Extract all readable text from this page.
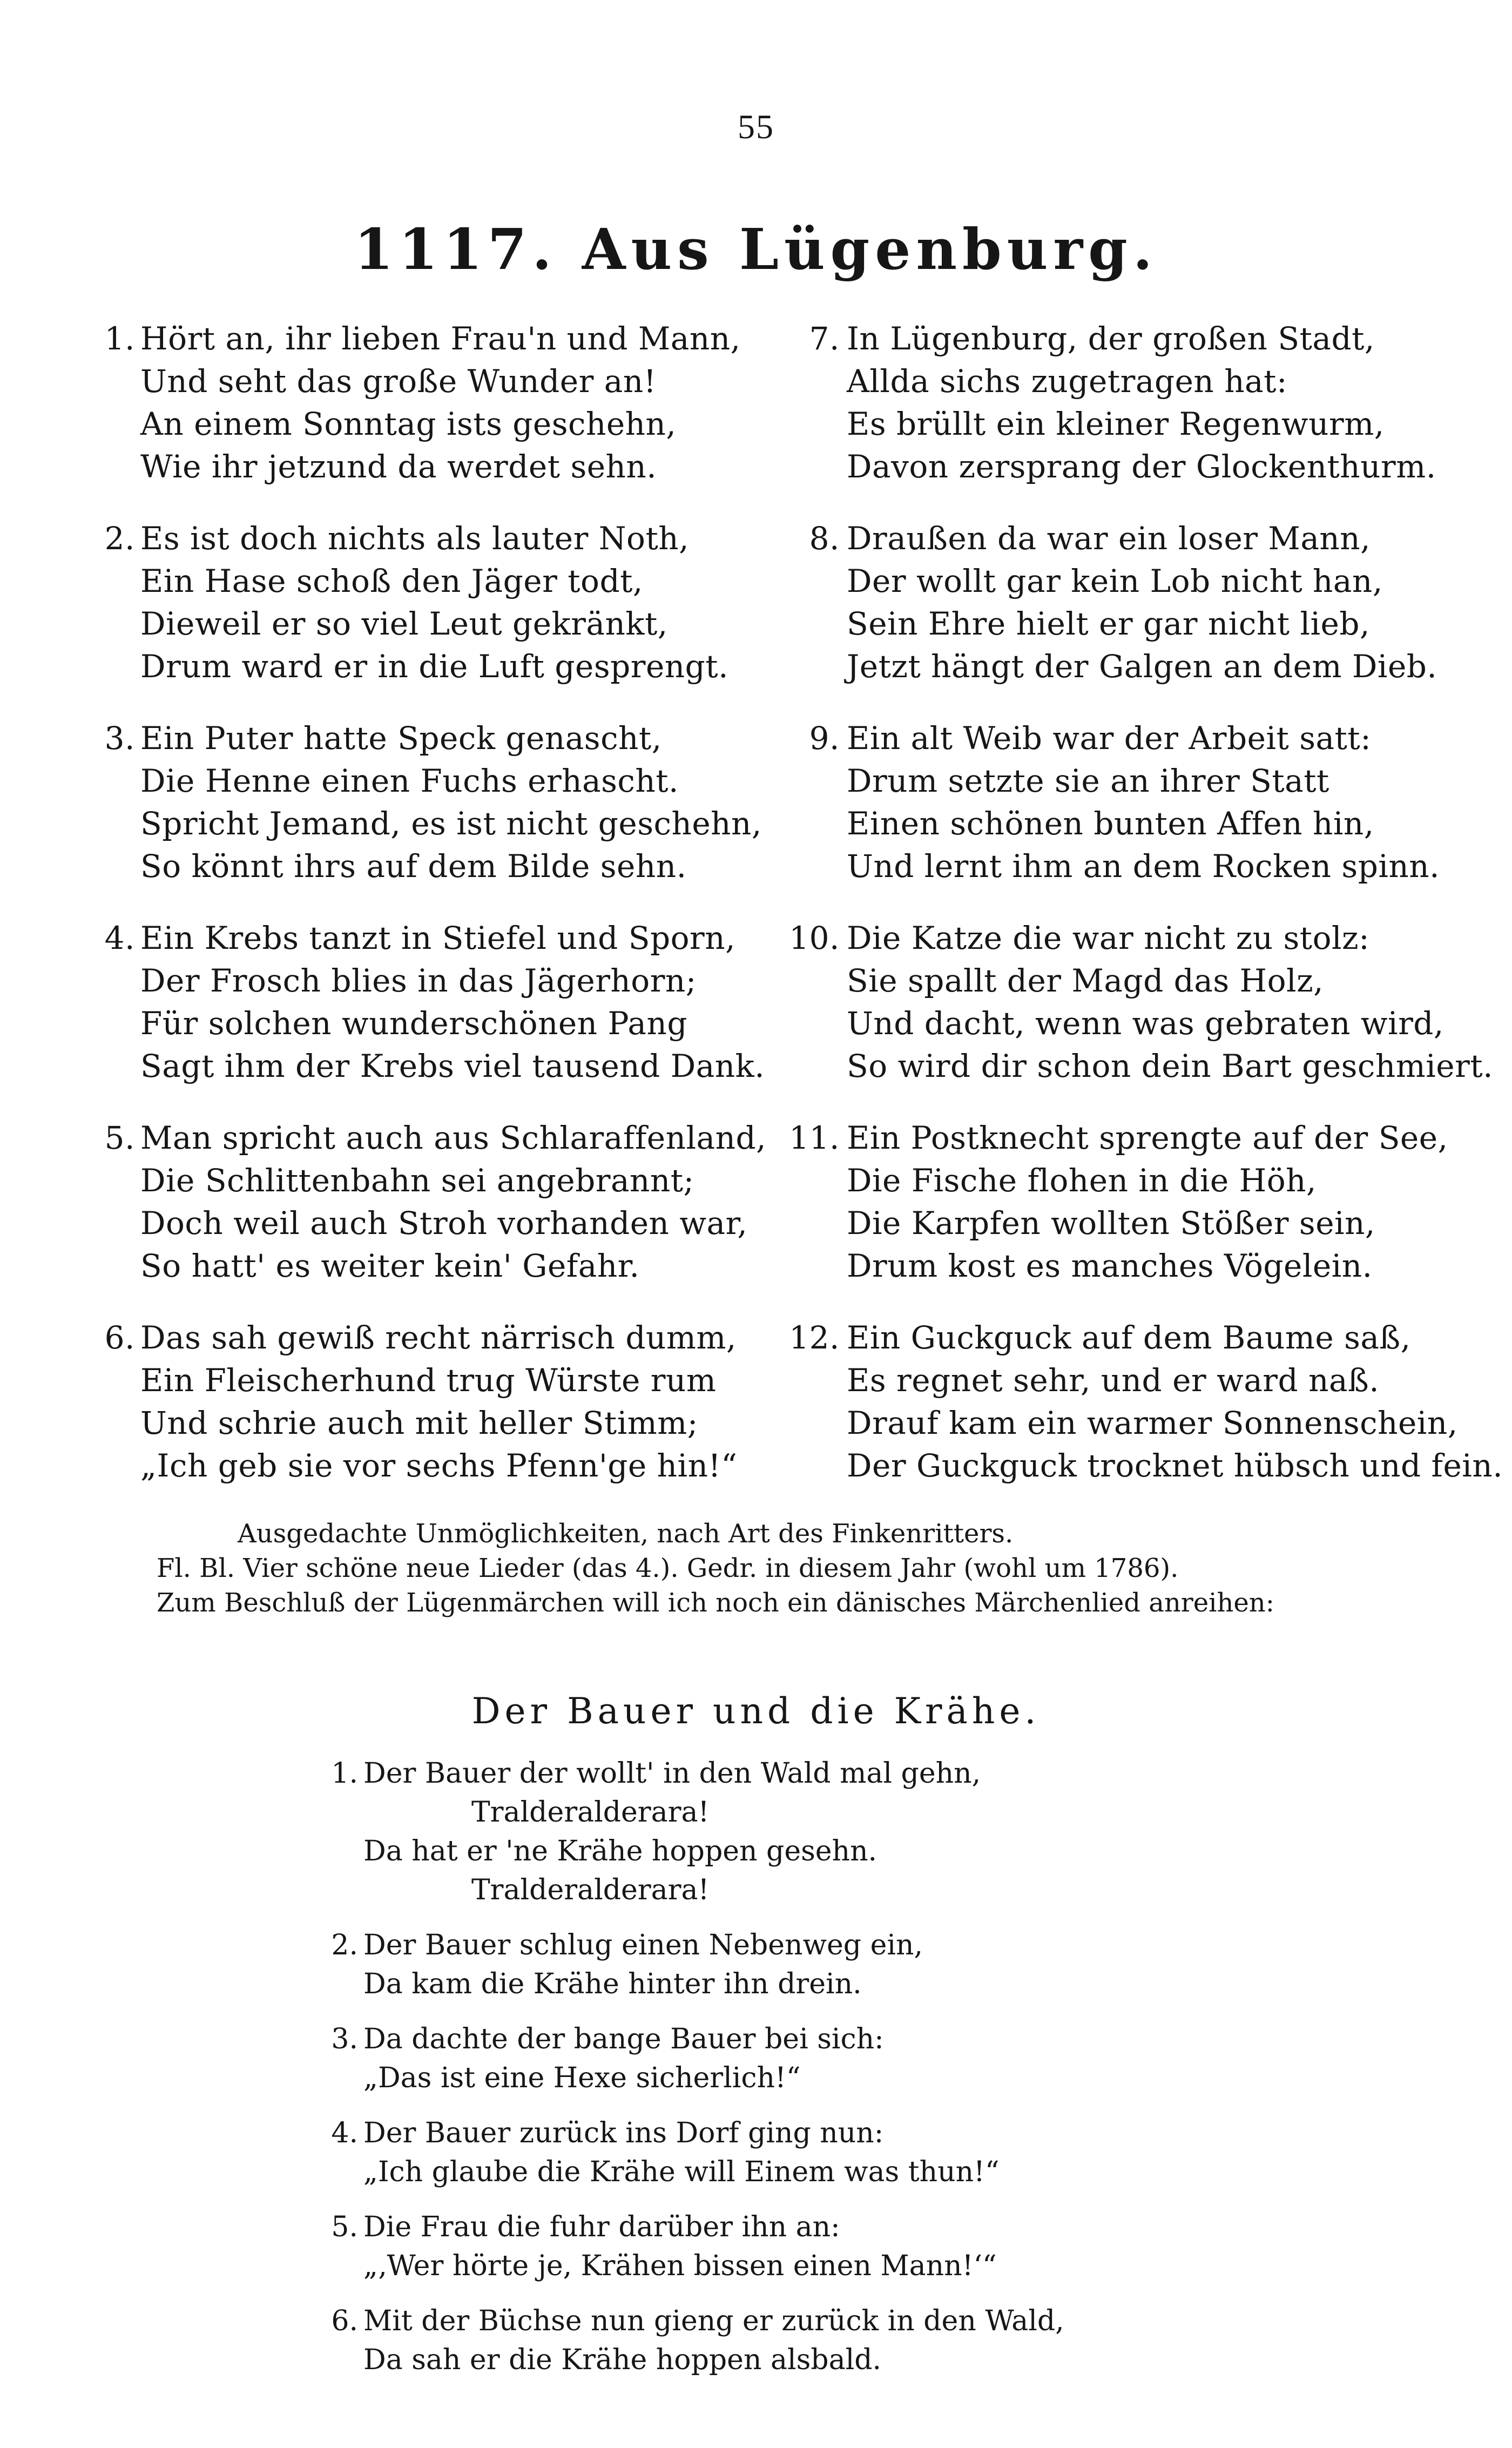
55
1117. Aus Lügenburg.
1. Hört an, ihr lieben Frau'n und Mann,
Und seht das große Wunder an!
An einem Sonntag ists geschehn,
Wie ihr jetzund da werdet sehn.
2. Es ist doch nichts als lauter Noth,
Ein Hase schoß den Jäger todt,
Dieweil er so viel Leut gekränkt,
Drum ward er in die Luft gesprengt.
3. Ein Puter hatte Speck genascht,
Die Henne einen Fuchs erhascht.
Spricht Jemand, es ist nicht geschehn,
So könnt ihrs auf dem Bilde sehn.
4. Ein Krebs tanzt in Stiefel und Sporn,
Der Frosch blies in das Jägerhorn;
Für solchen wunderschönen Pang
Sagt ihm der Krebs viel tausend Dank.
5. Man spricht auch aus Schlaraffenland,
Die Schlittenbahn sei angebrannt;
Doch weil auch Stroh vorhanden war,
So hatt' es weiter kein' Gefahr.
6. Das sah gewiß recht närrisch dumm,
Ein Fleischerhund trug Würste rum
Und schrie auch mit heller Stimm;
„Ich geb sie vor sechs Pfenn'ge hin!“
7. In Lügenburg, der großen Stadt,
Allda sichs zugetragen hat:
Es brüllt ein kleiner Regenwurm,
Davon zersprang der Glockenthurm.
8. Draußen da war ein loser Mann,
Der wollt gar kein Lob nicht han,
Sein Ehre hielt er gar nicht lieb,
Jetzt hängt der Galgen an dem Dieb.
9. Ein alt Weib war der Arbeit satt:
Drum setzte sie an ihrer Statt
Einen schönen bunten Affen hin,
Und lernt ihm an dem Rocken spinn.
10. Die Katze die war nicht zu stolz:
Sie spallt der Magd das Holz,
Und dacht, wenn was gebraten wird,
So wird dir schon dein Bart geschmiert.
11. Ein Postknecht sprengte auf der See,
Die Fische flohen in die Höh,
Die Karpfen wollten Stößer sein,
Drum kost es manches Vögelein.
12. Ein Guckguck auf dem Baume saß,
Es regnet sehr, und er ward naß.
Drauf kam ein warmer Sonnenschein,
Der Guckguck trocknet hübsch und fein.
Ausgedachte Unmöglichkeiten, nach Art des Finkenritters.
Fl. Bl. Vier schöne neue Lieder (das 4.). Gedr. in diesem Jahr (wohl um 1786).
Zum Beschluß der Lügenmärchen will ich noch ein dänisches Märchenlied anreihen:
Der Bauer und die Krähe.
1. Der Bauer der wollt' in den Wald mal gehn,
Tralderalderara!
Da hat er 'ne Krähe hoppen gesehn.
Tralderalderara!
2. Der Bauer schlug einen Nebenweg ein,
Da kam die Krähe hinter ihn drein.
3. Da dachte der bange Bauer bei sich:
„Das ist eine Hexe sicherlich!“
4. Der Bauer zurück ins Dorf ging nun:
„Ich glaube die Krähe will Einem was thun!“
5. Die Frau die fuhr darüber ihn an:
„‚Wer hörte je, Krähen bissen einen Mann!‘“
6. Mit der Büchse nun gieng er zurück in den Wald,
Da sah er die Krähe hoppen alsbald.
